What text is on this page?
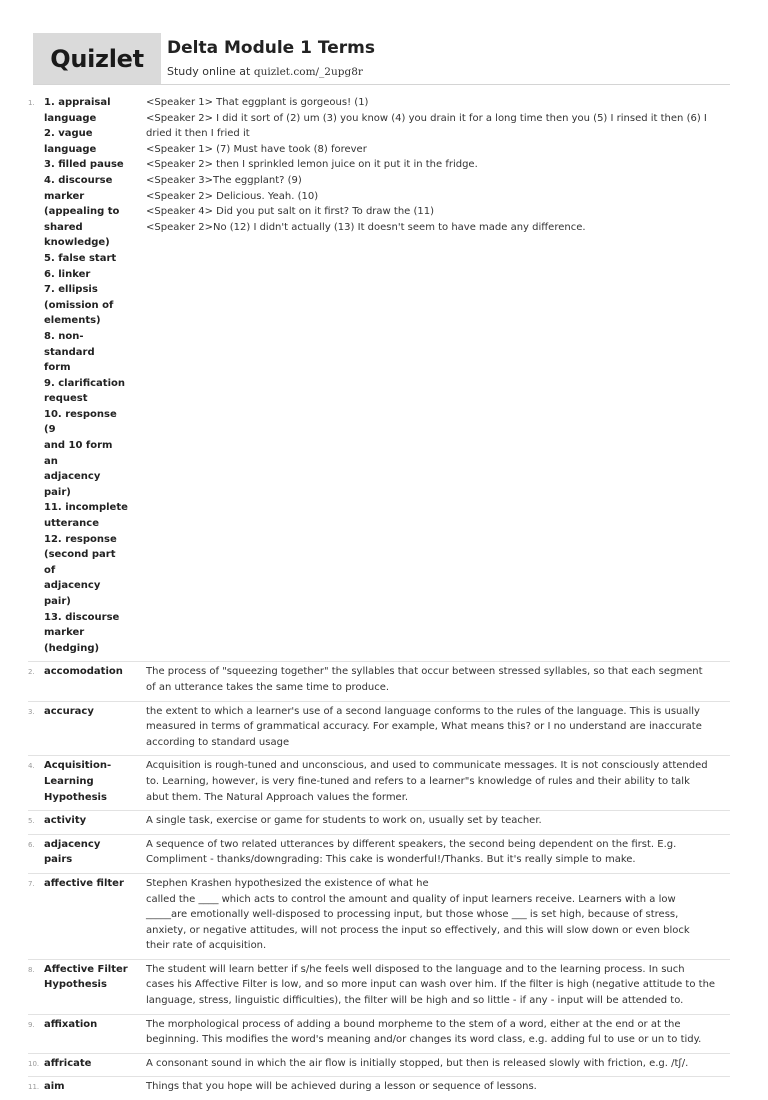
Quizlet Delta Module 1 Terms
Study online at quizlet.com/_2upg8r
1. 1. appraisal
language
2. vague
language
3. filled pause
4. discourse
marker
(appealing to
shared
knowledge)
5. false start
6. linker
7. ellipsis
(omission of
elements)
8. non-standard
form
9. clarification
request
10. response (9
and 10 form an
adjacency pair)
11. incomplete
utterance
12. response
(second part of
adjacency pair)
13. discourse
marker
(hedging)
<Speaker 1> That eggplant is gorgeous! (1)
<Speaker 2> I did it sort of (2) um (3) you know (4) you drain it for a long time then you (5) I rinsed it then (6) I
dried it then I fried it
<Speaker 1> (7) Must have took (8) forever
<Speaker 2> then I sprinkled lemon juice on it put it in the fridge.
<Speaker 3>The eggplant? (9)
<Speaker 2> Delicious. Yeah. (10)
<Speaker 4> Did you put salt on it first? To draw the (11)
<Speaker 2>No (12) I didn't actually (13) It doesn't seem to have made any difference.
2. accomodation	The process of "squeezing together" the syllables that occur between stressed syllables, so that each segment
of an utterance takes the same time to produce.
3. accuracy	the extent to which a learner's use of a second language conforms to the rules of the language. This is usually
measured in terms of grammatical accuracy. For example, What means this? or I no understand are inaccurate
according to standard usage
4. Acquisition-
Learning
Hypothesis
Acquisition is rough-tuned and unconscious, and used to communicate messages. It is not consciously attended
to. Learning, however, is very fine-tuned and refers to a learner"s knowledge of rules and their ability to talk
abut them. The Natural Approach values the former.
5. activity	A single task, exercise or game for students to work on, usually set by teacher.
6. adjacency pairs
A sequence of two related utterances by different speakers, the second being dependent on the first. E.g.
Compliment - thanks/downgrading: This cake is wonderful!/Thanks. But it's really simple to make.
7. affective filter	Stephen Krashen hypothesized the existence of what he
called the ____ which acts to control the amount and quality of input learners receive. Learners with a low
_____are emotionally well-disposed to processing input, but those whose ___ is set high, because of stress,
anxiety, or negative attitudes, will not process the input so effectively, and this will slow down or even block
their rate of acquisition.
8. Affective Filter
Hypothesis
The student will learn better if s/he feels well disposed to the language and to the learning process. In such
cases his Affective Filter is low, and so more input can wash over him. If the filter is high (negative attitude to the
language, stress, linguistic difficulties), the filter will be high and so little - if any - input will be attended to.
9. affixation	The morphological process of adding a bound morpheme to the stem of a word, either at the end or at the
beginning. This modifies the word's meaning and/or changes its word class, e.g. adding ful to use or un to tidy.
10. affricate	A consonant sound in which the air flow is initially stopped, but then is released slowly with friction, e.g. /tʃ/.
11. aim	Things that you hope will be achieved during a lesson or sequence of lessons.
